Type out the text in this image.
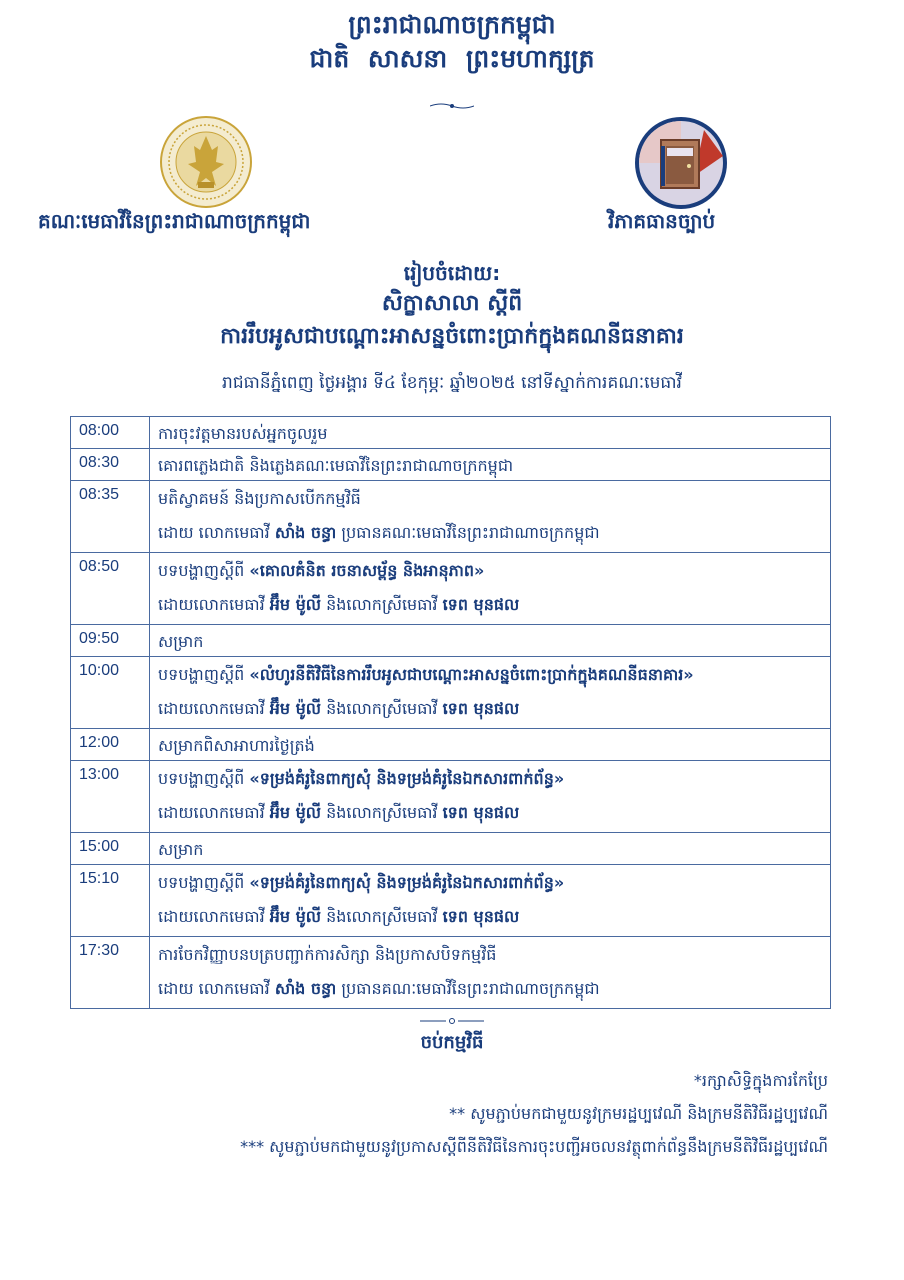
ព្រះរាជាណាចក្រកម្ពុជា
ជាតិ សាសនា ព្រះមហាក្សត្រ
គណៈមេធាវីនៃព្រះរាជាណាចក្រកម្ពុជា	វិភាគធានច្បាប់
រៀបចំដោយ:
សិក្ខាសាលា ស្តីពី
ការរឹបអូសជាបណ្តោះអាសន្នចំពោះប្រាក់ក្នុងគណនីធនាគារ
រាជធានីភ្នំពេញ ថ្ងៃអង្គារ ទី៤ ខែកុម្ភៈ ឆ្នាំ២០២៥ នៅទីស្នាក់ការគណៈមេធាវី
08:00	ការចុះវត្តមានរបស់អ្នកចូលរួម

08:30	គោរពភ្លេងជាតិ និងភ្លេងគណៈមេធាវីនៃព្រះរាជាណាចក្រកម្ពុជា

08:35	មតិស្វាគមន៍ និងប្រកាសបើកកម្មវិធី
ដោយ លោកមេធាវី សាំង ចន្ធា ប្រធានគណៈមេធាវីនៃព្រះរាជាណាចក្រកម្ពុជា

08:50	បទបង្ហាញស្តីពី «គោលគំនិត រចនាសម្ព័ន្ធ និងអានុភាព»
ដោយលោកមេធាវី អ៊ឹម ម៉ូលី និងលោកស្រីមេធាវី ទេព មុនផល

09:50	សម្រាក

10:00	បទបង្ហាញស្តីពី «លំហូរនីតិវិធីនៃការរឹបអូសជាបណ្តោះអាសន្នចំពោះប្រាក់ក្នុងគណនីធនាគារ»
ដោយលោកមេធាវី អ៊ឹម ម៉ូលី និងលោកស្រីមេធាវី ទេព មុនផល

12:00	សម្រាកពិសាអាហារថ្ងៃត្រង់

13:00	បទបង្ហាញស្តីពី «ទម្រង់គំរូនៃពាក្យសុំ និងទម្រង់គំរូនៃឯកសារពាក់ព័ន្ធ»
ដោយលោកមេធាវី អ៊ឹម ម៉ូលី និងលោកស្រីមេធាវី ទេព មុនផល

15:00	សម្រាក

15:10	បទបង្ហាញស្តីពី «ទម្រង់គំរូនៃពាក្យសុំ និងទម្រង់គំរូនៃឯកសារពាក់ព័ន្ធ»
ដោយលោកមេធាវី អ៊ឹម ម៉ូលី និងលោកស្រីមេធាវី ទេព មុនផល

17:30	ការចែកវិញ្ញាបនបត្របញ្ជាក់ការសិក្សា និងប្រកាសបិទកម្មវិធី
ដោយ លោកមេធាវី សាំង ចន្ធា ប្រធានគណៈមេធាវីនៃព្រះរាជាណាចក្រកម្ពុជា
ចប់កម្មវិធី
*រក្សាសិទ្ធិក្នុងការកែប្រែ
** សូមភ្ជាប់មកជាមួយនូវក្រមរដ្ឋប្បវេណី និងក្រមនីតិវិធីរដ្ឋប្បវេណី
*** សូមភ្ជាប់មកជាមួយនូវប្រកាសស្តីពីនីតិវិធីនៃការចុះបញ្ជីអចលនវត្ថុពាក់ព័ន្ធនឹងក្រមនីតិវិធីរដ្ឋប្បវេណី
